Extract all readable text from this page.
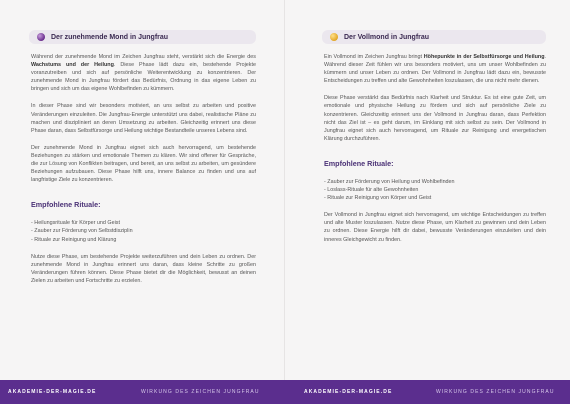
Der zunehmende Mond in Jungfrau

Während der zunehmende Mond im Zeichen Jungfrau steht, verstärkt sich die Energie des Wachstums und der Heilung. Diese Phase lädt dazu ein, bestehende Projekte voranzutreiben und sich auf persönliche Weiterentwicklung zu konzentrieren. Der zunehmende Mond in Jungfrau fördert das Bedürfnis, Ordnung in das eigene Leben zu bringen und sich um das eigene Wohlbefinden zu kümmern.

In dieser Phase sind wir besonders motiviert, an uns selbst zu arbeiten und positive Veränderungen einzuleiten. Die Jungfrau-Energie unterstützt uns dabei, realistische Pläne zu machen und diszipliniert an deren Umsetzung zu arbeiten. Gleichzeitig erinnert uns diese Phase daran, dass Selbstfürsorge und Heilung wichtige Bestandteile unseres Lebens sind.

Der zunehmende Mond in Jungfrau eignet sich auch hervorragend, um bestehende Beziehungen zu stärken und emotionale Themen zu klären. Wir sind offener für Gespräche, die zur Lösung von Konflikten beitragen, und bereit, an uns selbst zu arbeiten, um gesündere Beziehungen aufzubauen. Diese Phase hilft uns, innere Balance zu finden und uns auf langfristige Ziele zu konzentrieren.

Empfohlene Rituale:
- Heilungsrituale für Körper und Geist
- Zauber zur Förderung von Selbstdisziplin
- Rituale zur Reinigung und Klärung

Nutze diese Phase, um bestehende Projekte weiterzuführen und dein Leben zu ordnen. Der zunehmende Mond in Jungfrau erinnert uns daran, dass kleine Schritte zu großen Veränderungen führen können. Diese Phase bietet dir die Möglichkeit, bewusst an deinen Zielen zu arbeiten und Fortschritte zu erzielen.

Der Vollmond in Jungfrau

Ein Vollmond im Zeichen Jungfrau bringt Höhepunkte in der Selbstfürsorge und Heilung. Während dieser Zeit fühlen wir uns besonders motiviert, uns um unser Wohlbefinden zu kümmern und unser Leben zu ordnen. Der Vollmond in Jungfrau lädt dazu ein, bewusste Entscheidungen zu treffen und alte Gewohnheiten loszulassen, die uns nicht mehr dienen.

Diese Phase verstärkt das Bedürfnis nach Klarheit und Struktur. Es ist eine gute Zeit, um emotionale und physische Heilung zu fördern und sich auf persönliche Ziele zu konzentrieren. Gleichzeitig erinnert uns der Vollmond in Jungfrau daran, dass Perfektion nicht das Ziel ist – es geht darum, im Einklang mit sich selbst zu sein. Der Vollmond in Jungfrau eignet sich auch hervorragend, um Rituale zur Reinigung und energetischen Klärung durchzuführen.

Empfohlene Rituale:
- Zauber zur Förderung von Heilung und Wohlbefinden
- Loslass-Rituale für alte Gewohnheiten
- Rituale zur Reinigung von Körper und Geist

Der Vollmond in Jungfrau eignet sich hervorragend, um wichtige Entscheidungen zu treffen und alte Muster loszulassen. Nutze diese Phase, um Klarheit zu gewinnen und dein Leben zu ordnen. Diese Energie hilft dir dabei, bewusste Veränderungen einzuleiten und dein inneres Gleichgewicht zu finden.

AKADEMIE-DER-MAGIE.DE	WIRKUNG DES ZEICHEN JUNGFRAU	AKADEMIE-DER-MAGIE.DE	WIRKUNG DES ZEICHEN JUNGFRAU
